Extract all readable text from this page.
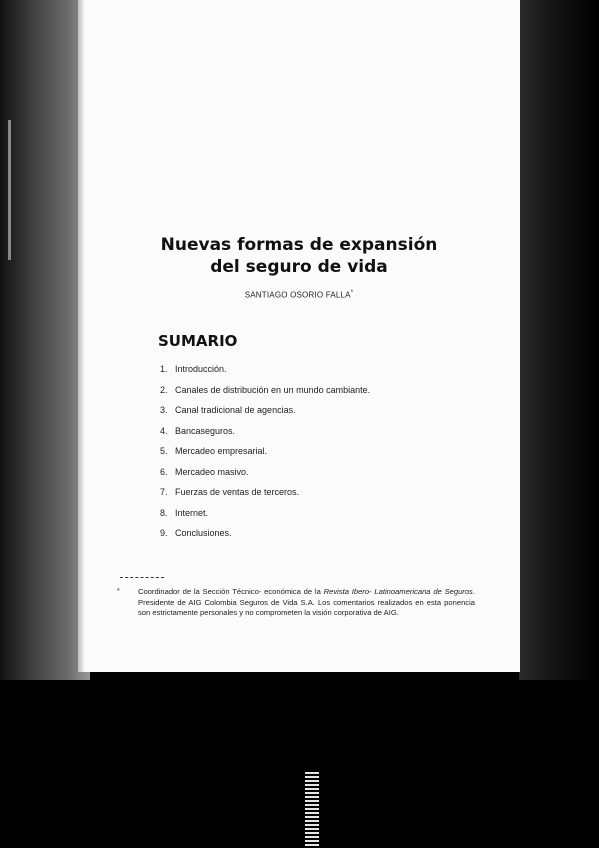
Nuevas formas de expansión
del seguro de vida
SANTIAGO OSORIO FALLA*
SUMARIO
1. Introducción.
2. Canales de distribución en un mundo cambiante.
3. Canal tradicional de agencias.
4. Bancaseguros.
5. Mercadeo empresarial.
6. Mercadeo masivo.
7. Fuerzas de ventas de terceros.
8. Internet.
9. Conclusiones.
* Coordinador de la Sección Técnico- económica de la Revista Ibero- Latinoamericana de Seguros. Presidente de AIG Colombia Seguros de Vida S.A. Los comentarios realizados en esta ponencia son estrictamente personales y no comprometen la visión corporativa de AIG.
